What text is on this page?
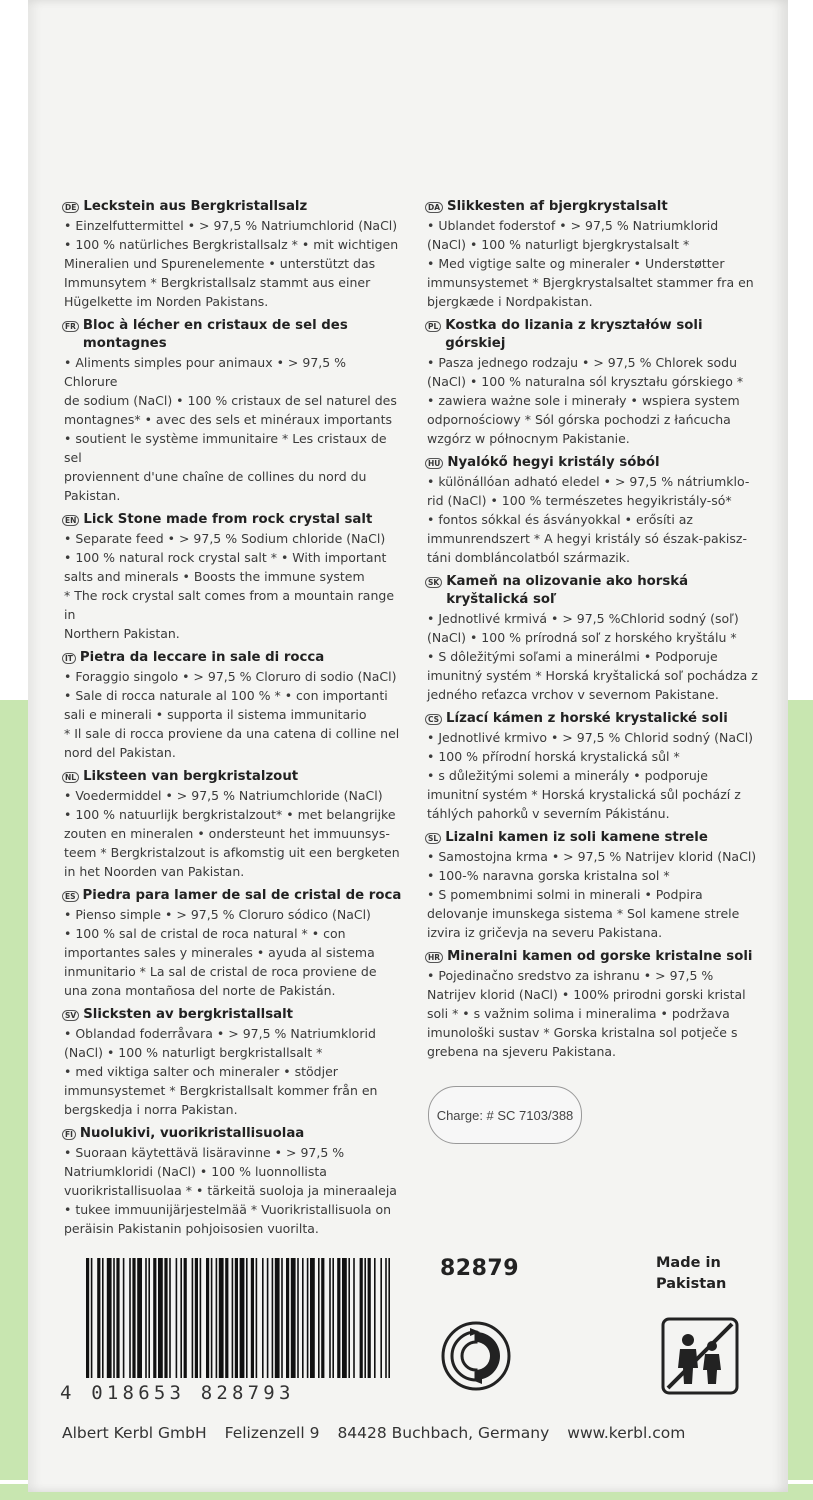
DE Leckstein aus Bergkristallsalz
• Einzelfuttermittel • > 97,5 % Natriumchlorid (NaCl)
• 100 % natürliches Bergkristallsalz * • mit wichtigen
Mineralien und Spurenelemente • unterstützt das
Immunsytem * Bergkristallsalz stammt aus einer
Hügelkette im Norden Pakistans.
FR Bloc à lécher en cristaux de sel des montagnes
• Aliments simples pour animaux • > 97,5 % Chlorure
de sodium (NaCl) • 100 % cristaux de sel naturel des
montagnes* • avec des sels et minéraux importants
• soutient le système immunitaire * Les cristaux de sel
proviennent d'une chaîne de collines du nord du
Pakistan.
EN Lick Stone made from rock crystal salt
• Separate feed • > 97,5 % Sodium chloride (NaCl)
• 100 % natural rock crystal salt * • With important
salts and minerals • Boosts the immune system
* The rock crystal salt comes from a mountain range in
Northern Pakistan.
IT Pietra da leccare in sale di rocca
• Foraggio singolo • > 97,5 % Cloruro di sodio (NaCl)
• Sale di rocca naturale al 100 % * • con importanti
sali e minerali • supporta il sistema immunitario
* Il sale di rocca proviene da una catena di colline nel
nord del Pakistan.
NL Liksteen van bergkristalzout
• Voedermiddel • > 97,5 % Natriumchloride (NaCl)
• 100 % natuurlijk bergkristalzout* • met belangrijke
zouten en mineralen • ondersteunt het immuunsys-
teem * Bergkristalzout is afkomstig uit een bergketen
in het Noorden van Pakistan.
ES Piedra para lamer de sal de cristal de roca
• Pienso simple • > 97,5 % Cloruro sódico (NaCl)
• 100 % sal de cristal de roca natural * • con
importantes sales y minerales • ayuda al sistema
inmunitario * La sal de cristal de roca proviene de
una zona montañosa del norte de Pakistán.
SV Slicksten av bergkristallsalt
• Oblandad foderråvara • > 97,5 % Natriumklorid
(NaCl) • 100 % naturligt bergkristallsalt *
• med viktiga salter och mineraler • stödjer
immunsystemet * Bergkristallsalt kommer från en
bergskedja i norra Pakistan.
FI Nuolukivi, vuorikristallisuolaa
• Suoraan käytettävä lisäravinne • > 97,5 %
Natriumkloridi (NaCl) • 100 % luonnollista
vuorikristallisuolaa * • tärkeitä suoloja ja mineraaleja
• tukee immuunijärjestelmää * Vuorikristallisuola on
peräisin Pakistanin pohjoisosien vuorilta.
DA Slikkesten af bjergkrystalsalt
• Ublandet foderstof • > 97,5 % Natriumklorid
(NaCl) • 100 % naturligt bjergkrystalsalt *
• Med vigtige salte og mineraler • Understøtter
immunsystemet * Bjergkrystalsaltet stammer fra en
bjergkæde i Nordpakistan.
PL Kostka do lizania z kryształów soli górskiej
• Pasza jednego rodzaju • > 97,5 % Chlorek sodu
(NaCl) • 100 % naturalna sól kryształu górskiego *
• zawiera ważne sole i minerały • wspiera system
odpornościowy * Sól górska pochodzi z łańcucha
wzgórz w północnym Pakistanie.
HU Nyalókő hegyi kristály sóból
• különállóan adható eledel • > 97,5 % nátriumklo-
rid (NaCl) • 100 % természetes hegyikristály-só*
• fontos sókkal és ásványokkal • erősíti az
immunrendszert * A hegyi kristály só észak-pakisz-
táni dombláncolatból származik.
SK Kameň na olizovanie ako horská kryštalická soľ
• Jednotlivé krmivá • > 97,5 %Chlorid sodný (soľ)
(NaCl) • 100 % prírodná soľ z horského kryštálu *
• S dôležitými soľami a minerálmi • Podporuje
imunitný systém * Horská kryštalická soľ pochádza z
jedného reťazca vrchov v severnom Pakistane.
CS Lízací kámen z horské krystalické soli
• Jednotlivé krmivo • > 97,5 % Chlorid sodný (NaCl)
• 100 % přírodní horská krystalická sůl *
• s důležitými solemi a minerály • podporuje
imunitní systém * Horská krystalická sůl pochází z
táhlých pahorků v severním Pákistánu.
SL Lizalni kamen iz soli kamene strele
• Samostojna krma • > 97,5 % Natrijev klorid (NaCl)
• 100-% naravna gorska kristalna sol *
• S pomembnimi solmi in minerali • Podpira
delovanje imunskega sistema * Sol kamene strele
izvira iz gričevja na severu Pakistana.
HR Mineralni kamen od gorske kristalne soli
• Pojedinačno sredstvo za ishranu • > 97,5 %
Natrijev klorid (NaCl) • 100% prirodni gorski kristal
soli * • s važnim solima i mineralima • podržava
imunološki sustav * Gorska kristalna sol potječe s
grebena na sjeveru Pakistana.
Charge: # SC 7103/388
4 018653 828793
82879	Made in
Pakistan
Albert Kerbl GmbH Felizenzell 9 84428 Buchbach, Germany www.kerbl.com
